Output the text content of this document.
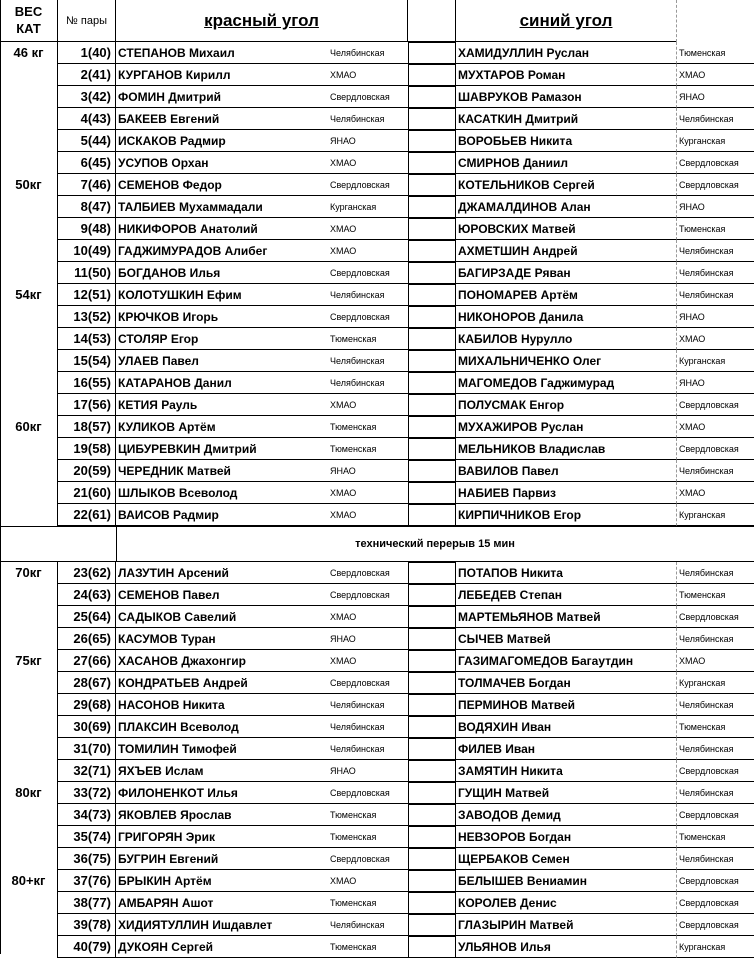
ВЕС
КАТ	№ пары	красный угол	синий угол
46 кг	1(40) СТЕПАНОВ Михаил	Челябинская	ХАМИДУЛЛИН Руслан	Тюменская
2(41) КУРГАНОВ Кирилл	ХМАО	МУХТАРОВ Роман	ХМАО
3(42) ФОМИН Дмитрий	Свердловская	ШАВРУКОВ Рамазон	ЯНАО
4(43) БАКЕЕВ Евгений	Челябинская	КАСАТКИН Дмитрий	Челябинская
5(44) ИСКАКОВ Радмир	ЯНАО	ВОРОБЬЕВ Никита	Курганская
6(45) УСУПОВ Орхан	ХМАО	СМИРНОВ Даниил	Свердловская
50кг	7(46) СЕМЕНОВ Федор	Свердловская	КОТЕЛЬНИКОВ Сергей	Свердловская
8(47) ТАЛБИЕВ Мухаммадали	Курганская	ДЖАМАЛДИНОВ Алан	ЯНАО
9(48) НИКИФОРОВ Анатолий	ХМАО	ЮРОВСКИХ Матвей	Тюменская
10(49) ГАДЖИМУРАДОВ Алибег	ХМАО	АХМЕТШИН Андрей	Челябинская
11(50) БОГДАНОВ Илья	Свердловская	БАГИРЗАДЕ Ряван	Челябинская
54кг	12(51) КОЛОТУШКИН Ефим	Челябинская	ПОНОМАРЕВ Артём	Челябинская
13(52) КРЮЧКОВ Игорь	Свердловская	НИКОНОРОВ Данила	ЯНАО
14(53) СТОЛЯР Егор	Тюменская	КАБИЛОВ Нурулло	ХМАО
15(54) УЛАЕВ Павел	Челябинская	МИХАЛЬНИЧЕНКО Олег	Курганская
16(55) КАТАРАНОВ Данил	Челябинская	МАГОМЕДОВ Гаджимурад	ЯНАО
17(56) КЕТИЯ Рауль	ХМАО	ПОЛУСМАК Енгор	Свердловская
60кг	18(57) КУЛИКОВ Артём	Тюменская	МУХАЖИРОВ Руслан	ХМАО
19(58) ЦИБУРЕВКИН Дмитрий	Тюменская	МЕЛЬНИКОВ Владислав	Свердловская
20(59) ЧЕРЕДНИК Матвей	ЯНАО	ВАВИЛОВ Павел	Челябинская
21(60) ШЛЫКОВ Всеволод	ХМАО	НАБИЕВ Парвиз	ХМАО
22(61) ВАИСОВ Радмир	ХМАО	КИРПИЧНИКОВ Егор	Курганская
технический перерыв 15 мин
70кг	23(62) ЛАЗУТИН Арсений	Свердловская	ПОТАПОВ Никита	Челябинская
24(63) СЕМЕНОВ Павел	Свердловская	ЛЕБЕДЕВ Степан	Тюменская
25(64) САДЫКОВ Савелий	ХМАО	МАРТЕМЬЯНОВ Матвей	Свердловская
26(65) КАСУМОВ Туран	ЯНАО	СЫЧЕВ Матвей	Челябинская
75кг	27(66) ХАСАНОВ Джахонгир	ХМАО	ГАЗИМАГОМЕДОВ Багаутдин	ХМАО
28(67) КОНДРАТЬЕВ Андрей	Свердловская	ТОЛМАЧЕВ Богдан	Курганская
29(68) НАСОНОВ Никита	Челябинская	ПЕРМИНОВ Матвей	Челябинская
30(69) ПЛАКСИН Всеволод	Челябинская	ВОДЯХИН Иван	Тюменская
31(70) ТОМИЛИН Тимофей	Челябинская	ФИЛЕВ Иван	Челябинская
32(71) ЯХЪЕВ Ислам	ЯНАО	ЗАМЯТИН Никита	Свердловская
80кг	33(72) ФИЛОНЕНКОТ Илья	Свердловская	ГУЩИН Матвей	Челябинская
34(73) ЯКОВЛЕВ Ярослав	Тюменская	ЗАВОДОВ Демид	Свердловская
35(74) ГРИГОРЯН Эрик	Тюменская	НЕВЗОРОВ Богдан	Тюменская
36(75) БУГРИН Евгений	Свердловская	ЩЕРБАКОВ Семен	Челябинская
80+кг	37(76) БРЫКИН Артём	ХМАО	БЕЛЫШЕВ Вениамин	Свердловская
38(77) АМБАРЯН Ашот	Тюменская	КОРОЛЕВ Денис	Свердловская
39(78) ХИДИЯТУЛЛИН Ишдавлет	Челябинская	ГЛАЗЫРИН Матвей	Свердловская
40(79) ДУКОЯН Сергей	Тюменская	УЛЬЯНОВ Илья	Курганская
